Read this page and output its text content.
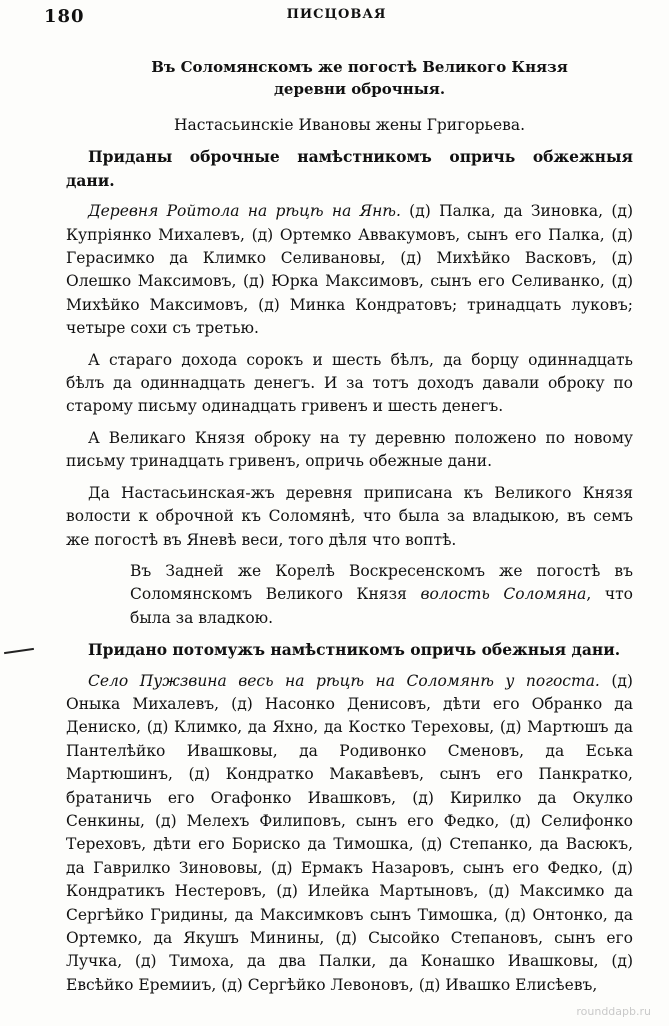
180	ПИСЦОВАЯ
Въ Соломянскомъ же погостѣ Великого Князя
деревни оброчныя.

Настасьинскіе Ивановы жены Григорьева.

Приданы оброчные намѣстникомъ опричь обжежныя дани.

Деревня Ройтола на рѣцѣ на Янѣ. (д) Палка, да Зиновка, (д) Купріянко Михалевъ, (д) Ортемко Аввакумовъ, сынъ его Палка, (д) Герасимко да Климко Селивановы, (д) Михѣйко Васковъ, (д) Олешко Максимовъ, (д) Юрка Максимовъ, сынъ его Селиванко, (д) Михѣйко Максимовъ, (д) Минка Кондратовъ; тринадцать луковъ; четыре сохи съ третью.

А стараго дохода сорокъ и шесть бѣлъ, да борцу одиннадцать бѣлъ да одиннадцать денегъ. И за тотъ доходъ давали оброку по старому письму одинадцать гривенъ и шесть денегъ.

А Великаго Князя оброку на ту деревню положено по новому письму тринадцать гривенъ, опричь обежные дани.

Да Настасьинская-жъ деревня приписана къ Великого Князя волости к оброчной къ Соломянѣ, что была за владыкою, въ семъ же погостѣ въ Яневѣ веси, того дѣля что воптѣ.

Въ Задней же Корелѣ Воскресенскомъ же погостѣ въ Соломянскомъ Великого Князя волость Соломяна, что была за владкою.

Придано потомужъ намѣстникомъ опричь обежныя дани.

Село Пужзвина весь на рѣцѣ на Соломянѣ у погоста. (д) Оныка Михалевъ, (д) Насонко Денисовъ, дѣти его Обранко да Дениско, (д) Климко, да Яхно, да Костко Тереховы, (д) Мартюшъ да Пантелѣйко Ивашковы, да Родивонко Сменовъ, да Еська Мартюшинъ, (д) Кондратко Макавѣевъ, сынъ его Панкратко, братаничь его Огафонко Ивашковъ, (д) Кирилко да Окулко Сенкины, (д) Мелехъ Филиповъ, сынъ его Федко, (д) Селифонко Тереховъ, дѣти его Бориско да Тимошка, (д) Степанко, да Васюкъ, да Гаврилко Зинововы, (д) Ермакъ Назаровъ, сынъ его Федко, (д) Кондратикъ Нестеровъ, (д) Илейка Мартыновъ, (д) Максимко да Сергѣйко Гридины, да Максимковъ сынъ Тимошка, (д) Онтонко, да Ортемко, да Якушъ Минины, (д) Сысойко Степановъ, сынъ его Лучка, (д) Тимоха, да два Палки, да Конашко Ивашковы, (д) Евсѣйко Еремииъ, (д) Сергѣйко Левоновъ, (д) Ивашко Елисѣевъ,

rounddapb.ru
